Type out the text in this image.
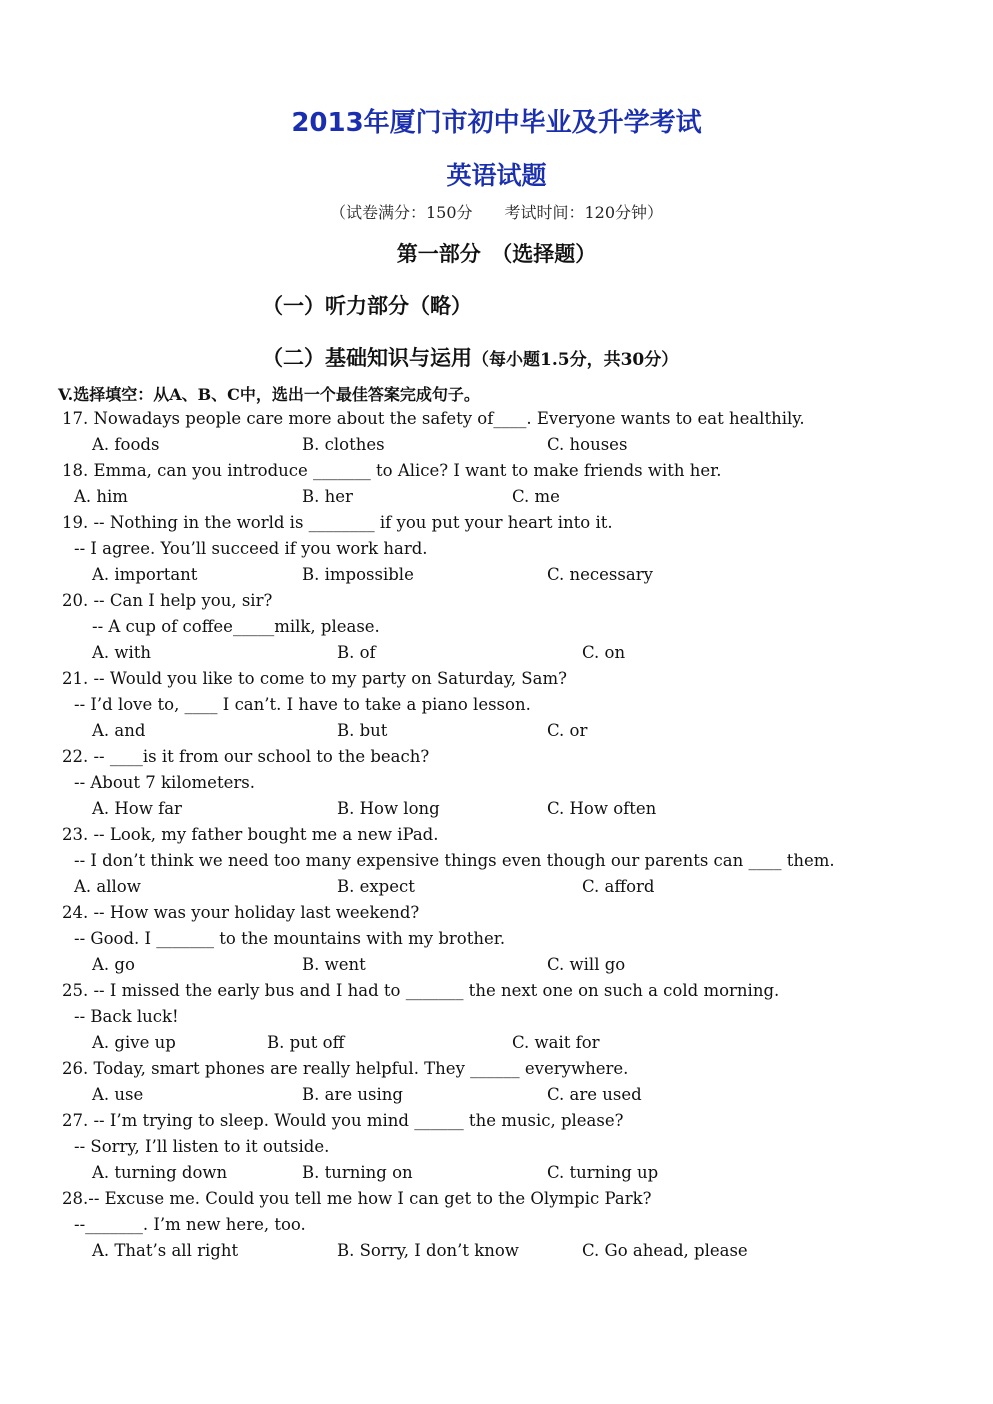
2013年厦门市初中毕业及升学考试
英语试题
（试卷满分：150分　　考试时间：120分钟）
第一部分　（选择题）
（一）听力部分（略）
（二）基础知识与运用（每小题1.5分，共30分）
V.选择填空：从A、B、C中，选出一个最佳答案完成句子。
17. Nowadays people care more about the safety of____. Everyone wants to eat healthily.
A. foods	B. clothes	C. houses
18. Emma, can you introduce _______ to Alice? I want to make friends with her.
A. him	B. her	C. me
19. -- Nothing in the world is ________ if you put your heart into it.
-- I agree. You’ll succeed if you work hard.
A. important	B. impossible	C. necessary
20. -- Can I help you, sir?
-- A cup of coffee_____milk, please.
A. with	B. of	C. on
21. -- Would you like to come to my party on Saturday, Sam?
-- I’d love to, ____ I can’t. I have to take a piano lesson.
A. and	B. but	C. or
22. -- ____is it from our school to the beach?
-- About 7 kilometers.
A. How far	B. How long	C. How often
23. -- Look, my father bought me a new iPad.
-- I don’t think we need too many expensive things even though our parents can ____ them.
A. allow	B. expect	C. afford
24. -- How was your holiday last weekend?
-- Good. I _______ to the mountains with my brother.
A. go	B. went	C. will go
25. -- I missed the early bus and I had to _______ the next one on such a cold morning.
-- Back luck!
A. give up	B. put off	C. wait for
26. Today, smart phones are really helpful. They ______ everywhere.
A. use	B. are using	C. are used
27. -- I’m trying to sleep. Would you mind ______ the music, please?
-- Sorry, I’ll listen to it outside.
A. turning down	B. turning on	C. turning up
28.-- Excuse me. Could you tell me how I can get to the Olympic Park?
--_______. I’m new here, too.
A. That’s all right	B. Sorry, I don’t know	C. Go ahead, please
